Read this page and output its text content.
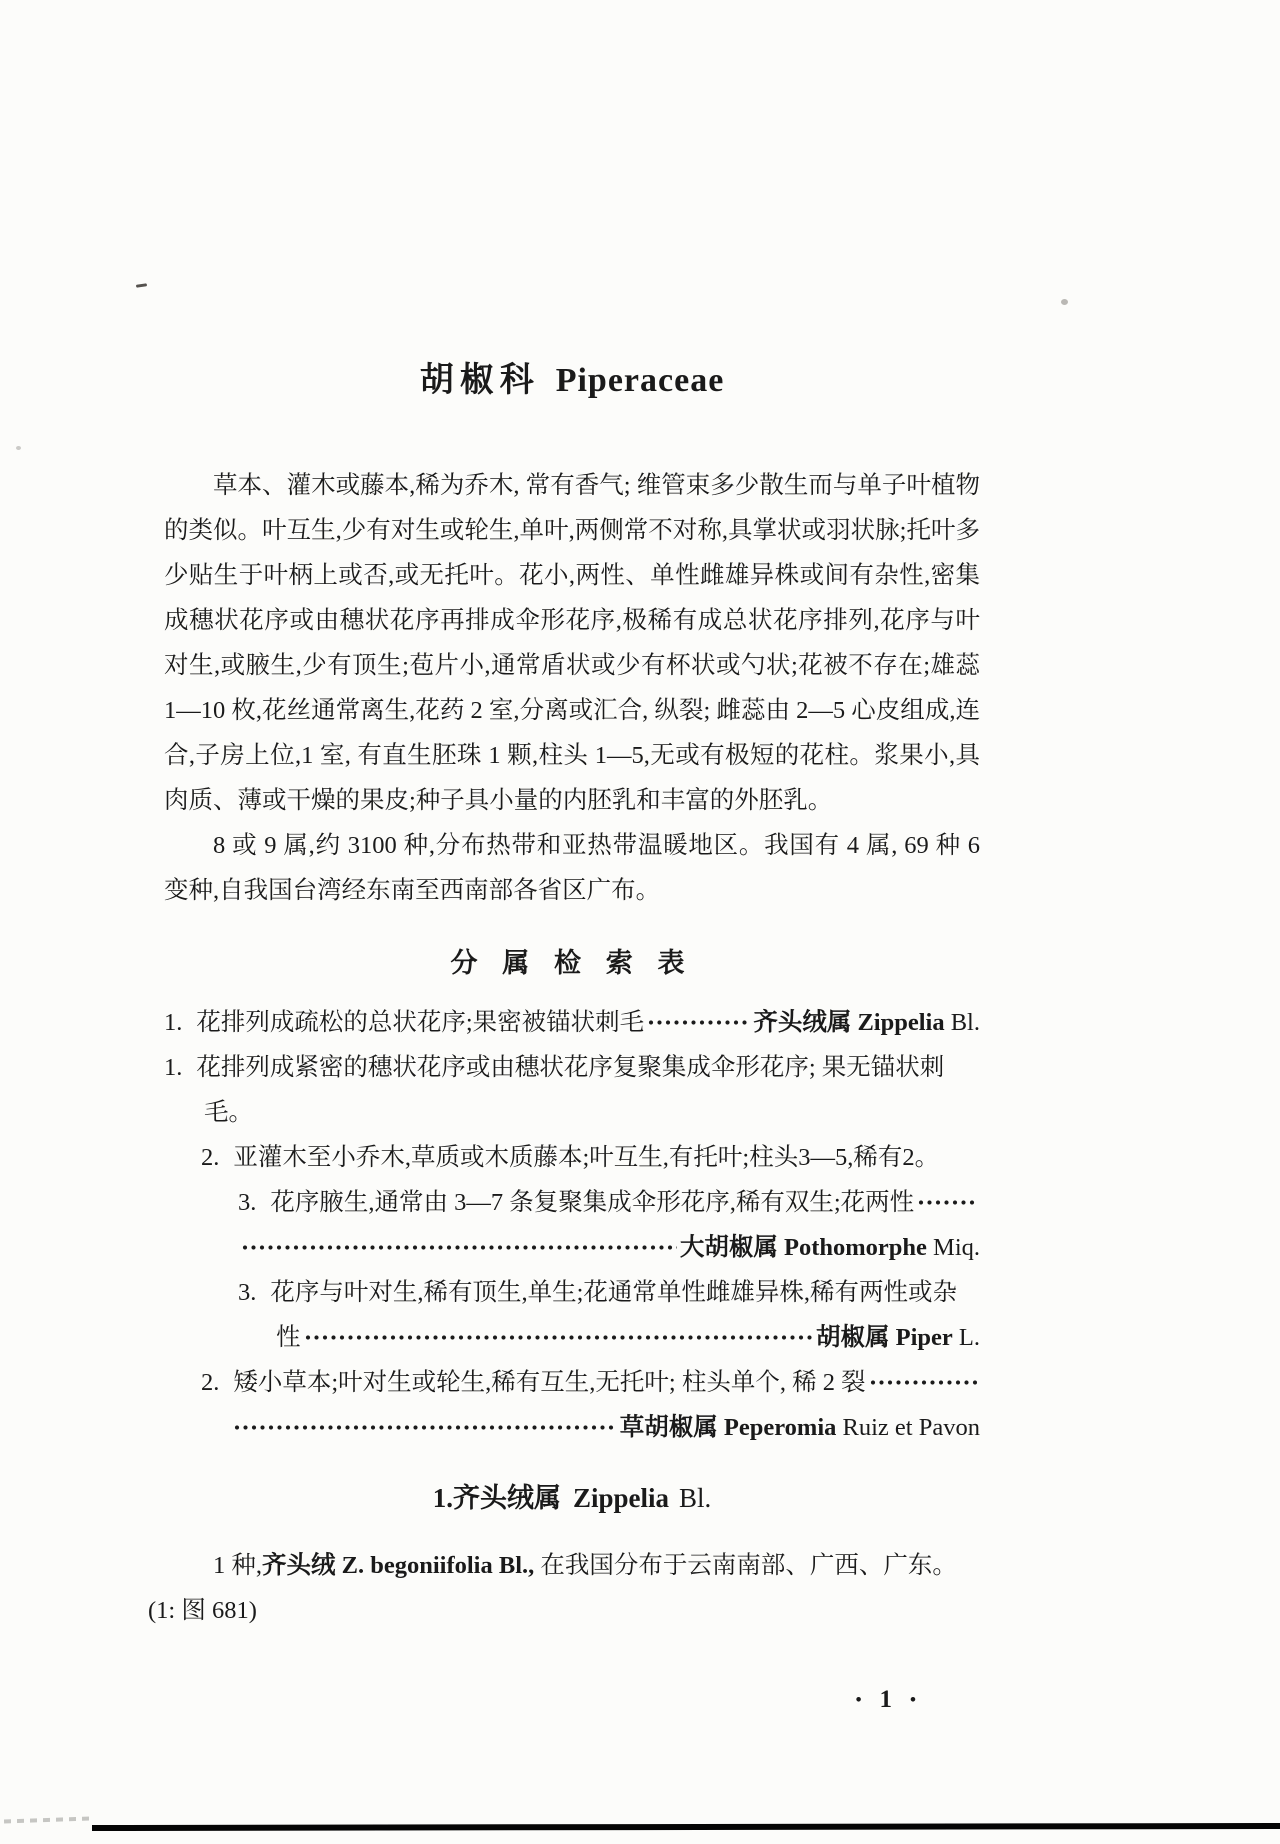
胡椒科 Piperaceae

草本、灌木或藤本,稀为乔木, 常有香气; 维管束多少散生而与单子叶植物的类似。叶互生,少有对生或轮生,单叶,两侧常不对称,具掌状或羽状脉;托叶多少贴生于叶柄上或否,或无托叶。花小,两性、单性雌雄异株或间有杂性,密集成穗状花序或由穗状花序再排成伞形花序,极稀有成总状花序排列,花序与叶对生,或腋生,少有顶生;苞片小,通常盾状或少有杯状或勺状;花被不存在;雄蕊 1—10 枚,花丝通常离生,花药 2 室,分离或汇合, 纵裂; 雌蕊由 2—5 心皮组成,连合,子房上位,1 室, 有直生胚珠 1 颗,柱头 1—5,无或有极短的花柱。浆果小,具肉质、薄或干燥的果皮;种子具小量的内胚乳和丰富的外胚乳。

8 或 9 属,约 3100 种,分布热带和亚热带温暖地区。我国有 4 属, 69 种 6 变种,自我国台湾经东南至西南部各省区广布。

分 属 检 索 表
1. 花排列成疏松的总状花序;果密被锚状刺毛	齐头绒属 Zippelia Bl.
1. 花排列成紧密的穗状花序或由穗状花序复聚集成伞形花序; 果无锚状刺
毛。
2. 亚灌木至小乔木,草质或木质藤本;叶互生,有托叶;柱头3—5,稀有2。
3. 花序腋生,通常由 3—7 条复聚集成伞形花序,稀有双生;花两性
大胡椒属 Pothomorphe Miq.
3. 花序与叶对生,稀有顶生,单生;花通常单性雌雄异株,稀有两性或杂
性	胡椒属 Piper L.
2. 矮小草本;叶对生或轮生,稀有互生,无托叶; 柱头单个, 稀 2 裂
草胡椒属 Peperomia Ruiz et Pavon
1.齐头绒属 Zippelia Bl.

1 种,齐头绒 Z. begoniifolia Bl., 在我国分布于云南南部、广西、广东。
(1: 图 681)

• 1 •
